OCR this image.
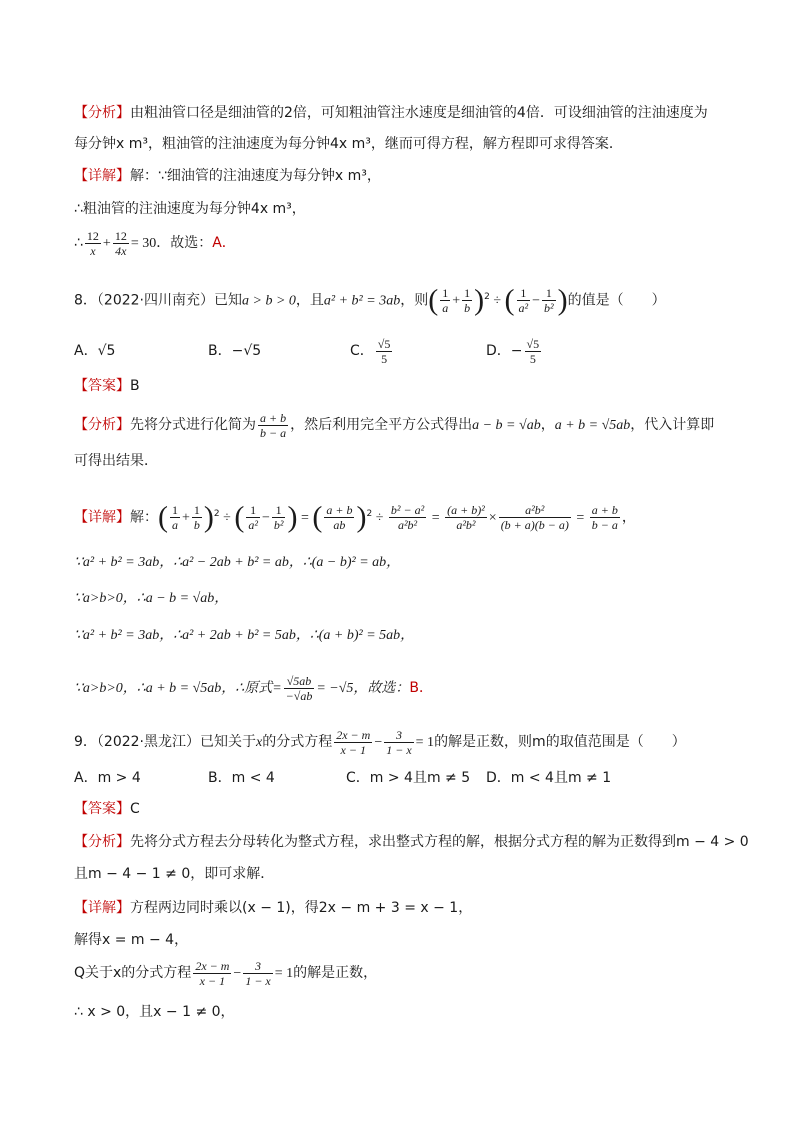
【分析】由粗油管口径是细油管的2倍，可知粗油管注水速度是细油管的4倍．可设细油管的注油速度为
每分钟x m³，粗油管的注油速度为每分钟4x m³，继而可得方程，解方程即可求得答案．
【详解】解：∵细油管的注油速度为每分钟x m³，
∴粗油管的注油速度为每分钟4x m³，
∴ $\frac{12}{x} + \frac{12}{4x} = 30$．故选：A．
8．（2022·四川南充）已知a > b > 0，且a² + b² = 3ab，则( $\frac{1}{a} + \frac{1}{b} )^2$ ÷ ( $\frac{1}{\text{a²}} - \frac{1}{\text{b²}}$ )的值是（　　）
A．√5	B．−√5	C． $\frac{√5}{5}$	D．− $\frac{√5}{5}$
【答案】B
【分析】先将分式进行化简为 $\frac{a + b}{b - a}$ ，然后利用完全平方公式得出a − b = √ab，a + b = √5ab，代入计算即
可得出结果．
【详解】解：( $\frac{1}{a} + \frac{1}{b} )^2$ ÷ ( $\frac{1}{\text{a²}} - \frac{1}{\text{b²}}$ ) = ( $\frac{a + b}{ab} )^2 \div \frac{\text{b² − a²}}{\text{a²b²}} = \frac{\text{(a + b)²}}{\text{a²b²}} \times \frac{\text{a²b²}}{(b + a)(b - a)} = \frac{a + b}{b - a}$ ，
∵a² + b² = 3ab，∴a² − 2ab + b² = ab，∴(a − b)² = ab，
∵a>b>0，∴a − b = √ab，
∵a² + b² = 3ab，∴a² + 2ab + b² = 5ab，∴(a + b)² = 5ab，
∵a>b>0，∴a + b = √5ab，∴原式= $\frac{√5ab}{-√ab} = -√5$，故选：B．
9．（2022·黑龙江）已知关于x的分式方程 $\frac{2x - m}{x - 1} - \frac{3}{1 - x} = 1$的解是正数，则m的取值范围是（　　）
A．m > 4	B．m < 4	C．m > 4且m ≠ 5 D．m < 4且m ≠ 1
【答案】C
【分析】先将分式方程去分母转化为整式方程，求出整式方程的解，根据分式方程的解为正数得到m − 4 > 0
且m − 4 − 1 ≠ 0，即可求解．
【详解】方程两边同时乘以(x − 1)，得2x − m + 3 = x − 1，
解得x = m − 4，
Q关于x的分式方程 $\frac{2x - m}{x - 1} - \frac{3}{1 - x} = 1$的解是正数，
∴ x > 0，且x − 1 ≠ 0，
